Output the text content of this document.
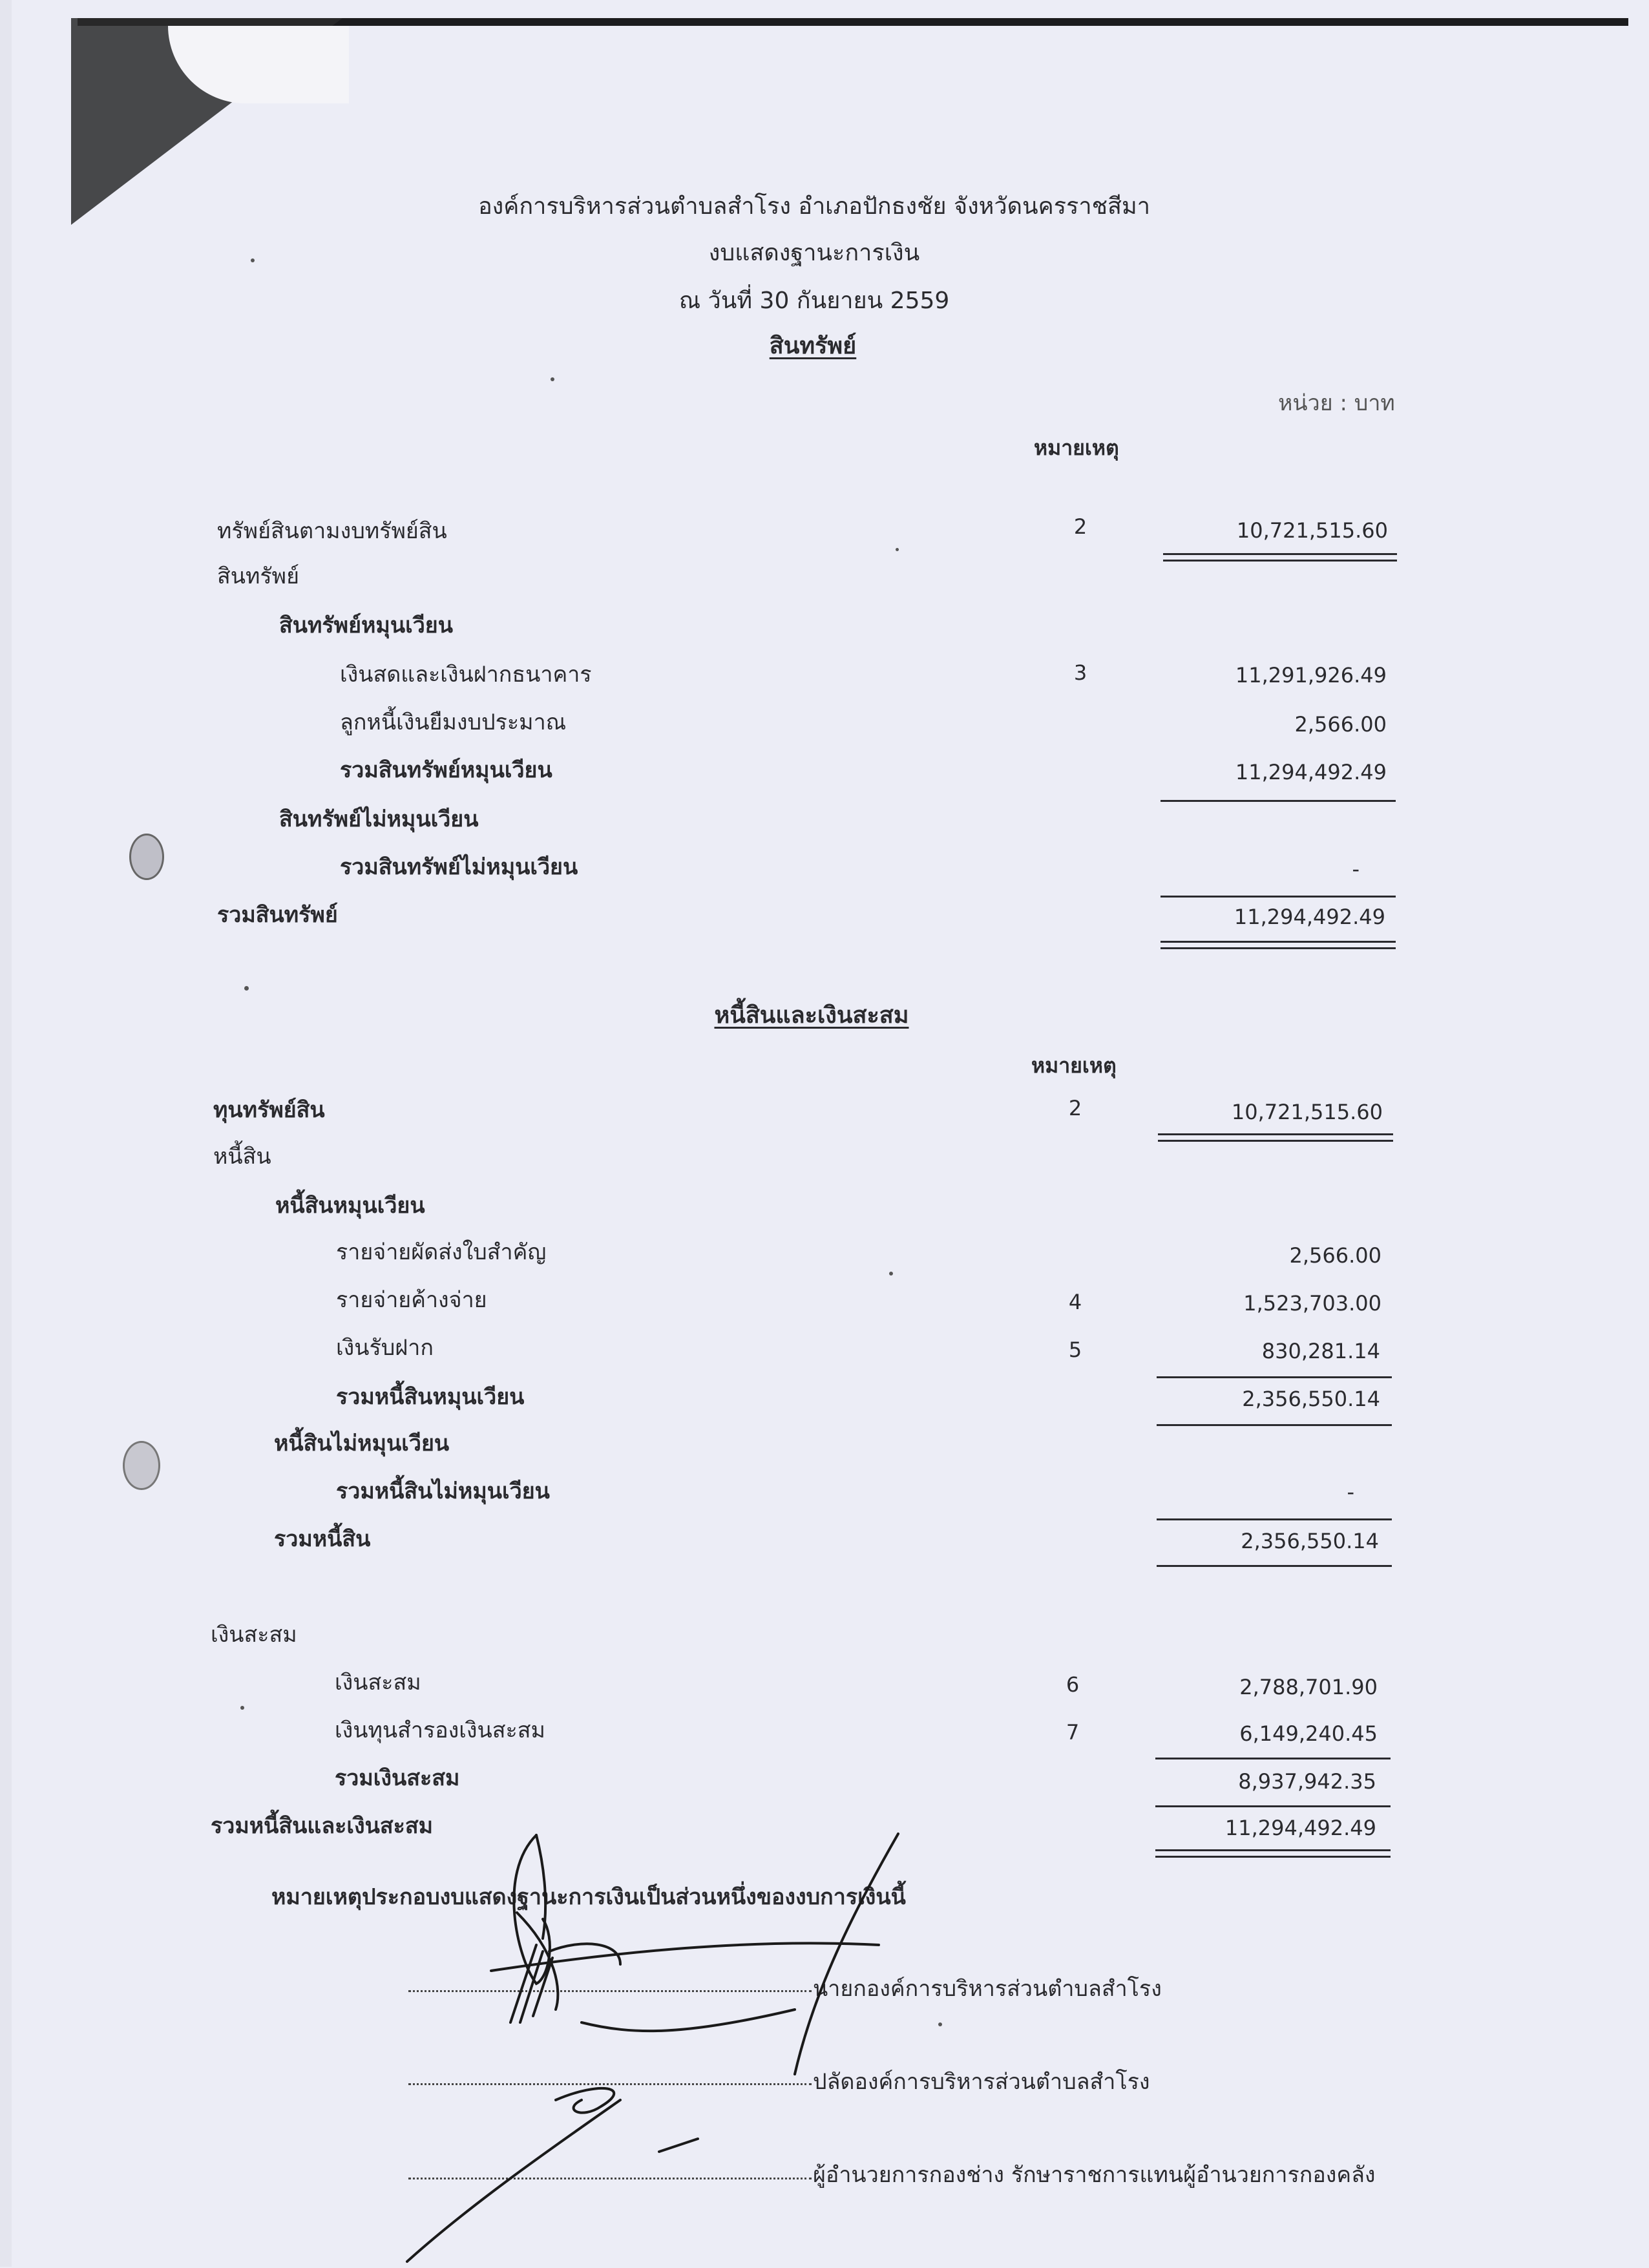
องค์การบริหารส่วนตำบลสำโรง อำเภอปักธงชัย จังหวัดนครราชสีมา
งบแสดงฐานะการเงิน
ณ วันที่ 30 กันยายน 2559
สินทรัพย์
หน่วย : บาท
หมายเหตุ
ทรัพย์สินตามงบทรัพย์สิน	2	10,721,515.60
สินทรัพย์
สินทรัพย์หมุนเวียน
เงินสดและเงินฝากธนาคาร	3	11,291,926.49
ลูกหนี้เงินยืมงบประมาณ	2,566.00
รวมสินทรัพย์หมุนเวียน	11,294,492.49
สินทรัพย์ไม่หมุนเวียน
รวมสินทรัพย์ไม่หมุนเวียน	-
รวมสินทรัพย์	11,294,492.49
หนี้สินและเงินสะสม
หมายเหตุ
ทุนทรัพย์สิน	2	10,721,515.60
หนี้สิน
หนี้สินหมุนเวียน
รายจ่ายผัดส่งใบสำคัญ	2,566.00
รายจ่ายค้างจ่าย	4	1,523,703.00
เงินรับฝาก	5	830,281.14
รวมหนี้สินหมุนเวียน	2,356,550.14
หนี้สินไม่หมุนเวียน
รวมหนี้สินไม่หมุนเวียน	-
รวมหนี้สิน	2,356,550.14
เงินสะสม
เงินสะสม	6	2,788,701.90
เงินทุนสำรองเงินสะสม	7	6,149,240.45
รวมเงินสะสม	8,937,942.35
รวมหนี้สินและเงินสะสม	11,294,492.49
หมายเหตุประกอบงบแสดงฐานะการเงินเป็นส่วนหนึ่งของงบการเงินนี้
นายกองค์การบริหารส่วนตำบลสำโรง
ปลัดองค์การบริหารส่วนตำบลสำโรง
ผู้อำนวยการกองช่าง รักษาราชการแทนผู้อำนวยการกองคลัง
